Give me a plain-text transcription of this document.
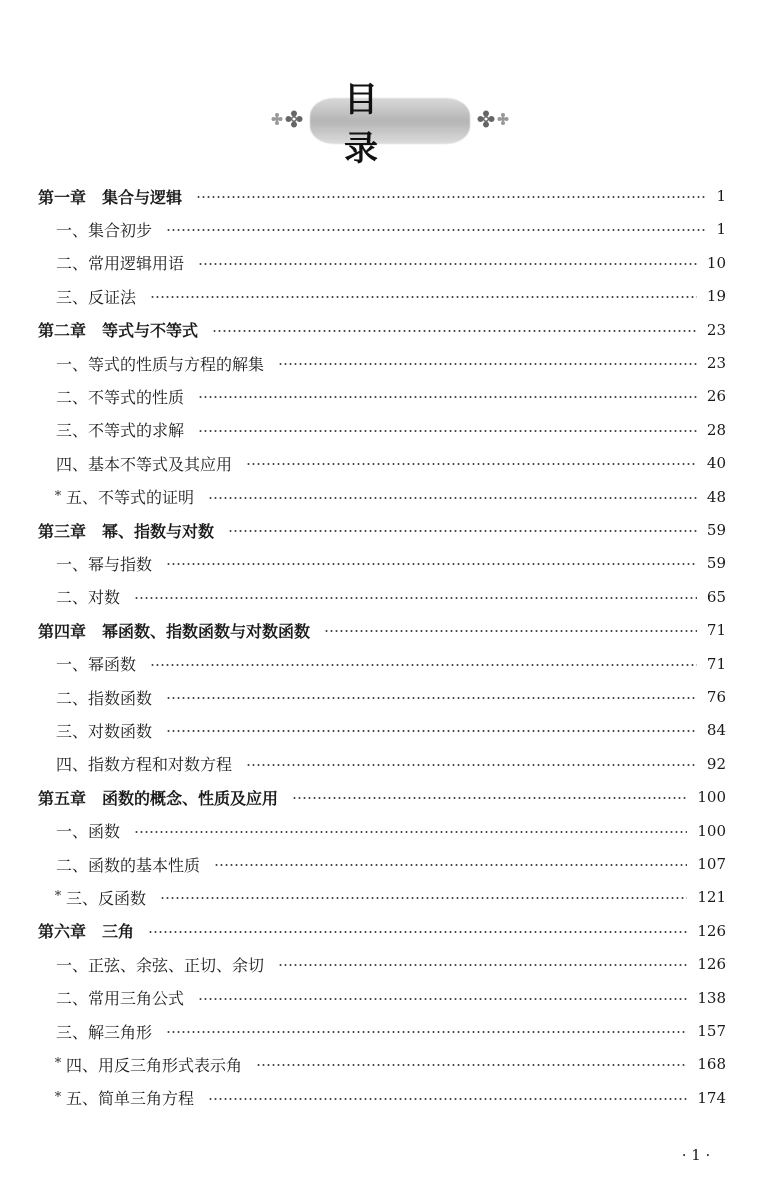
目录
第一章　集合与逻辑	1
一、集合初步	1
二、常用逻辑用语	10
三、反证法	19
第二章　等式与不等式	23
一、等式的性质与方程的解集	23
二、不等式的性质	26
三、不等式的求解	28
四、基本不等式及其应用	40
* 五、不等式的证明	48
第三章　幂、指数与对数	59
一、幂与指数	59
二、对数	65
第四章　幂函数、指数函数与对数函数	71
一、幂函数	71
二、指数函数	76
三、对数函数	84
四、指数方程和对数方程	92
第五章　函数的概念、性质及应用	100
一、函数	100
二、函数的基本性质	107
* 三、反函数	121
第六章　三角	126
一、正弦、余弦、正切、余切	126
二、常用三角公式	138
三、解三角形	157
* 四、用反三角形式表示角	168
* 五、简单三角方程	174
· 1 ·
